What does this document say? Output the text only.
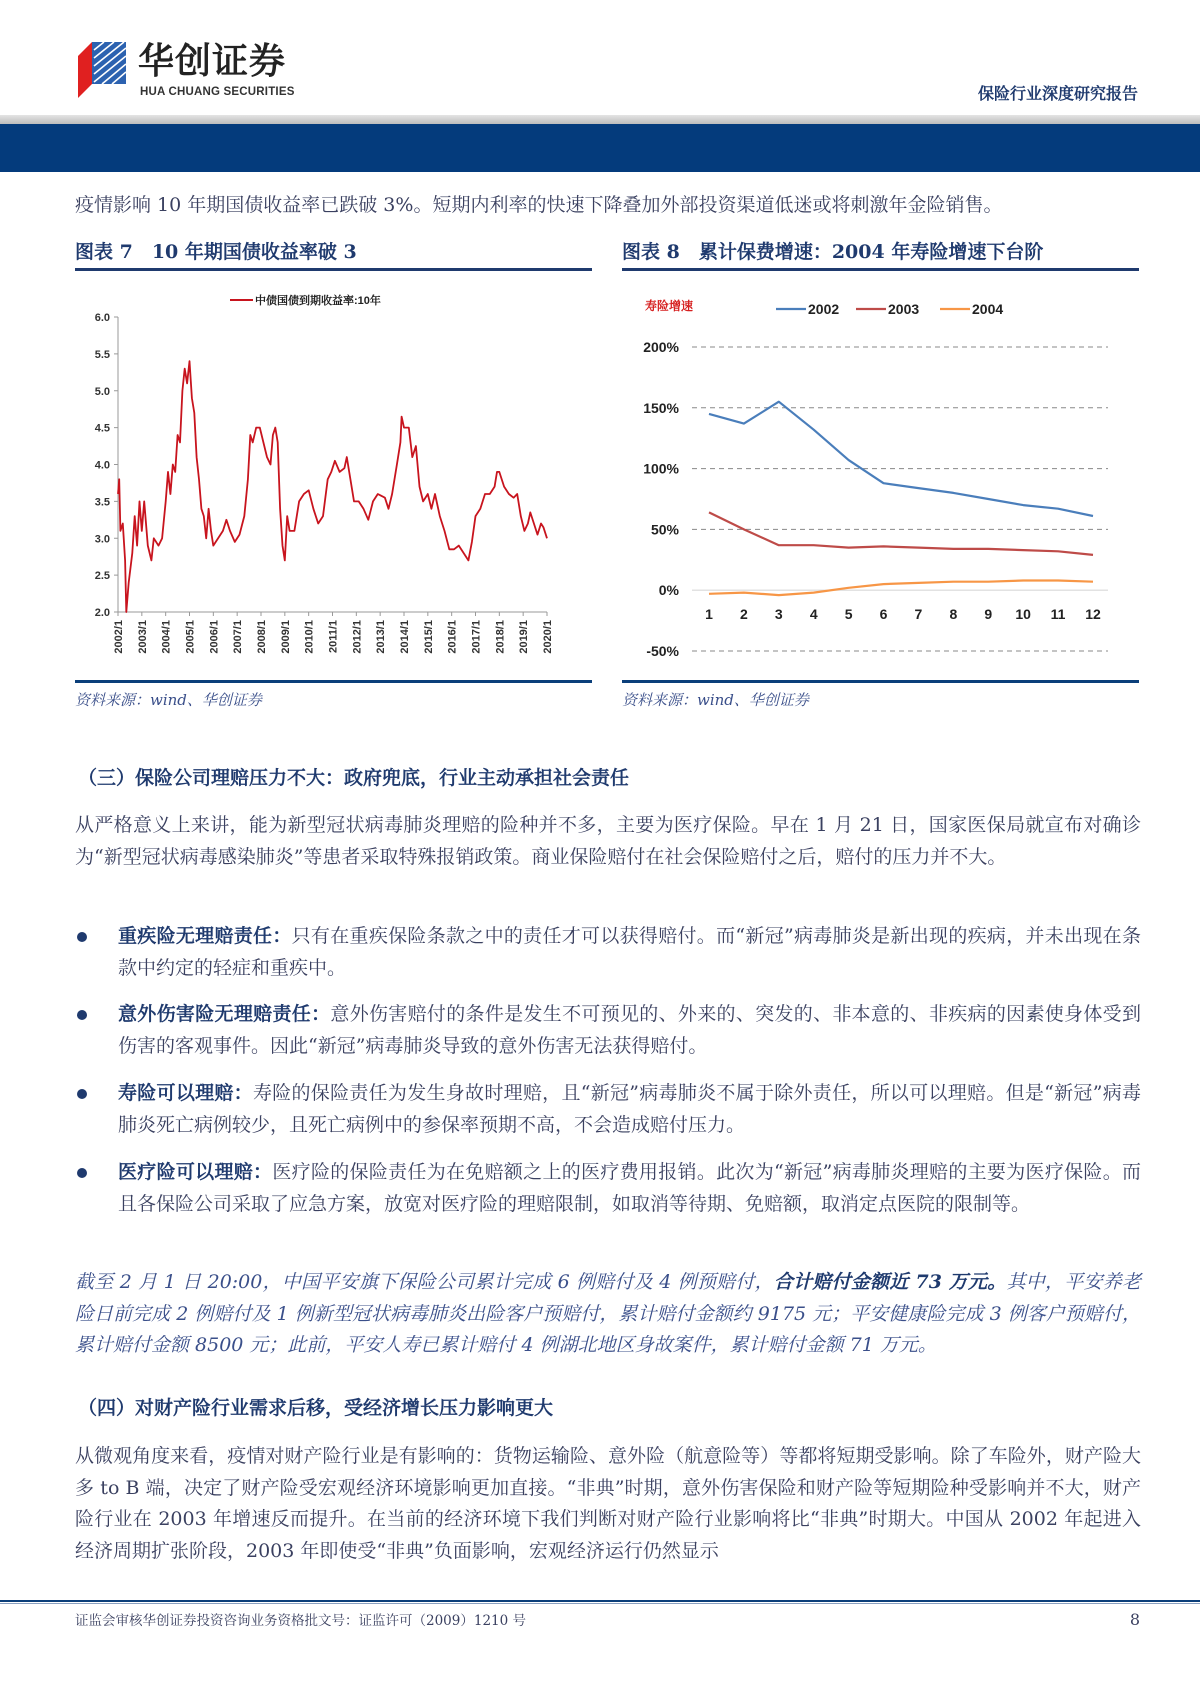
华创证券
HUA CHUANG SECURITIES	保险行业深度研究报告
疫情影响 10 年期国债收益率已跌破 3%。短期内利率的快速下降叠加外部投资渠道低迷或将刺激年金险销售。
图表 7　10 年期国债收益率破 3	图表 8　累计保费增速：2004 年寿险增速下台阶
6.0
5.5
5.0
4.5
4.0
3.5
3.0
2.5
2.0
2002/1 2003/1 2004/1 2005/1 2006/1 2007/1 2008/1 2009/1 2010/1 2011/1 2012/1 2013/1 2014/1 2015/1 2016/1 2017/1 2018/1 2019/1 2020/1
中债国债到期收益率:10年	寿险增速
200%
150%
100%
50%
0%
-50%
1 2 3 4 5 6 7 8 9 10 11 12
2002	2003	2004
资料来源：wind、华创证券	资料来源：wind、华创证券
（三）保险公司理赔压力不大：政府兜底，行业主动承担社会责任
从严格意义上来讲，能为新型冠状病毒肺炎理赔的险种并不多，主要为医疗保险。早在 1 月 21 日，国家医保局就宣布对确诊为“新型冠状病毒感染肺炎”等患者采取特殊报销政策。商业保险赔付在社会保险赔付之后，赔付的压力并不大。
重疾险无理赔责任：只有在重疾保险条款之中的责任才可以获得赔付。而“新冠”病毒肺炎是新出现的疾病，并未出现在条款中约定的轻症和重疾中。
意外伤害险无理赔责任：意外伤害赔付的条件是发生不可预见的、外来的、突发的、非本意的、非疾病的因素使身体受到伤害的客观事件。因此“新冠”病毒肺炎导致的意外伤害无法获得赔付。
寿险可以理赔：寿险的保险责任为发生身故时理赔，且“新冠”病毒肺炎不属于除外责任，所以可以理赔。但是“新冠”病毒肺炎死亡病例较少，且死亡病例中的参保率预期不高，不会造成赔付压力。
医疗险可以理赔：医疗险的保险责任为在免赔额之上的医疗费用报销。此次为“新冠”病毒肺炎理赔的主要为医疗保险。而且各保险公司采取了应急方案，放宽对医疗险的理赔限制，如取消等待期、免赔额，取消定点医院的限制等。
截至 2 月 1 日 20:00，中国平安旗下保险公司累计完成 6 例赔付及 4 例预赔付，合计赔付金额近 73 万元。其中，平安养老险日前完成 2 例赔付及 1 例新型冠状病毒肺炎出险客户预赔付，累计赔付金额约 9175 元；平安健康险完成 3 例客户预赔付，累计赔付金额 8500 元；此前，平安人寿已累计赔付 4 例湖北地区身故案件，累计赔付金额 71 万元。
（四）对财产险行业需求后移，受经济增长压力影响更大
从微观角度来看，疫情对财产险行业是有影响的：货物运输险、意外险（航意险等）等都将短期受影响。除了车险外，财产险大多 to B 端，决定了财产险受宏观经济环境影响更加直接。“非典”时期，意外伤害保险和财产险等短期险种受影响并不大，财产险行业在 2003 年增速反而提升。在当前的经济环境下我们判断对财产险行业影响将比“非典”时期大。中国从 2002 年起进入经济周期扩张阶段，2003 年即使受“非典”负面影响，宏观经济运行仍然显示
证监会审核华创证券投资咨询业务资格批文号：证监许可（2009）1210 号	8
